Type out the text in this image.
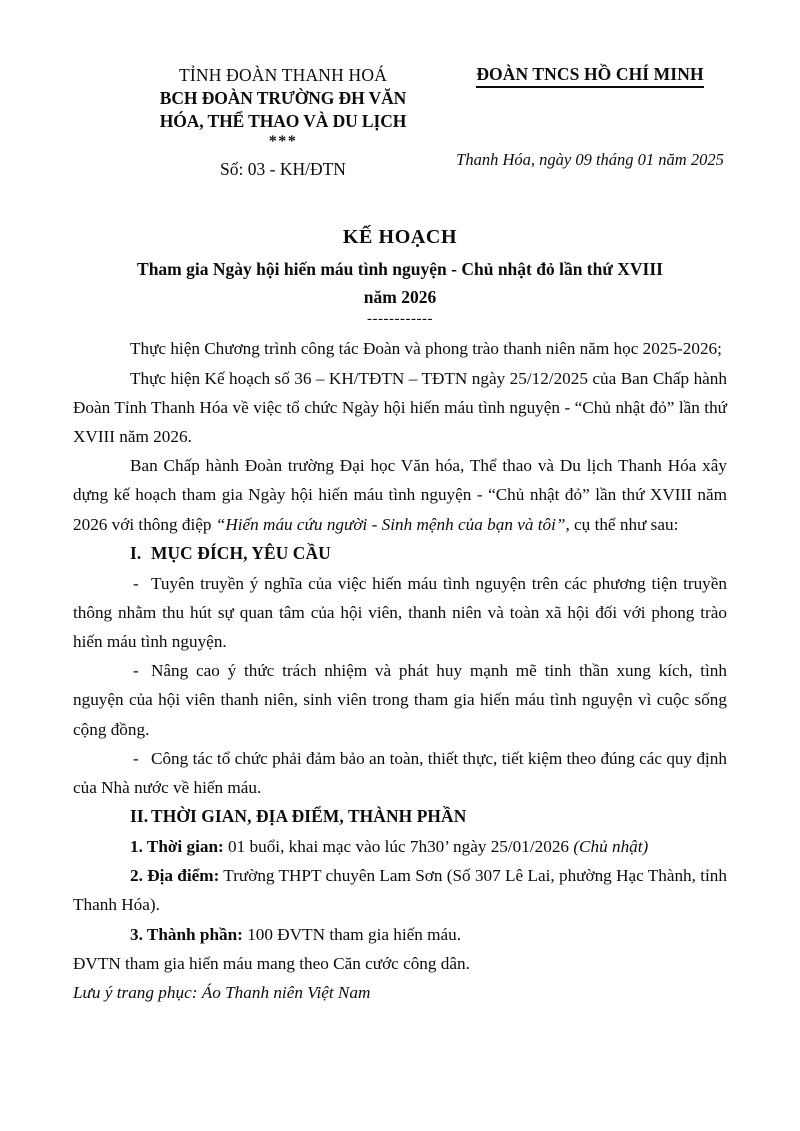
TỈNH ĐOÀN THANH HOÁ
BCH ĐOÀN TRƯỜNG ĐH VĂN
HÓA, THỂ THAO VÀ DU LỊCH
***
Số: 03 - KH/ĐTN
ĐOÀN TNCS HỒ CHÍ MINH
Thanh Hóa, ngày 09 tháng 01 năm 2025
KẾ HOẠCH
Tham gia Ngày hội hiến máu tình nguyện - Chủ nhật đỏ lần thứ XVIII
năm 2026
------------

Thực hiện Chương trình công tác Đoàn và phong trào thanh niên năm học 2025-2026;

Thực hiện Kế hoạch số 36 – KH/TĐTN – TĐTN ngày 25/12/2025 của Ban Chấp hành Đoàn Tỉnh Thanh Hóa về việc tổ chức Ngày hội hiến máu tình nguyện - “Chủ nhật đỏ” lần thứ XVIII năm 2026.

Ban Chấp hành Đoàn trường Đại học Văn hóa, Thể thao và Du lịch Thanh Hóa xây dựng kế hoạch tham gia Ngày hội hiến máu tình nguyện - “Chủ nhật đỏ” lần thứ XVIII năm 2026 với thông điệp “Hiến máu cứu người - Sinh mệnh của bạn và tôi”, cụ thể như sau:

I. MỤC ĐÍCH, YÊU CẦU

- Tuyên truyền ý nghĩa của việc hiến máu tình nguyện trên các phương tiện truyền thông nhằm thu hút sự quan tâm của hội viên, thanh niên và toàn xã hội đối với phong trào hiến máu tình nguyện.

- Nâng cao ý thức trách nhiệm và phát huy mạnh mẽ tinh thần xung kích, tình nguyện của hội viên thanh niên, sinh viên trong tham gia hiến máu tình nguyện vì cuộc sống cộng đồng.

- Công tác tổ chức phải đảm bảo an toàn, thiết thực, tiết kiệm theo đúng các quy định của Nhà nước về hiến máu.

II. THỜI GIAN, ĐỊA ĐIỂM, THÀNH PHẦN

1. Thời gian: 01 buổi, khai mạc vào lúc 7h30’ ngày 25/01/2026 (Chủ nhật)

2. Địa điểm: Trường THPT chuyên Lam Sơn (Số 307 Lê Lai, phường Hạc Thành, tỉnh Thanh Hóa).

3. Thành phần: 100 ĐVTN tham gia hiến máu.

ĐVTN tham gia hiến máu mang theo Căn cước công dân.

Lưu ý trang phục: Áo Thanh niên Việt Nam
